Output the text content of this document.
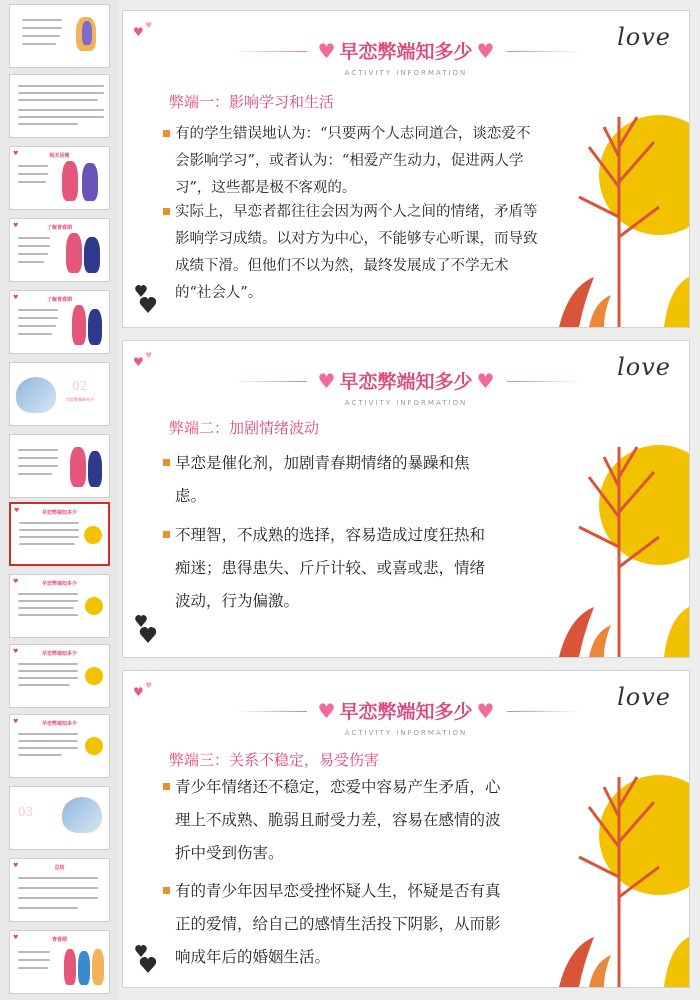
♥	相关话题
♥	了解青春期
♥	了解青春期
02
早恋弊端知多少
♥	早恋弊端知多少
♥	早恋弊端知多少
♥	早恋弊端知多少
♥	早恋弊端知多少
03
♥	总结
♥	青春期
♥ ♥	love
♥ 早恋弊端知多少 ♥
ACTIVITY INFORMATION
弊端一：影响学习和生活
有的学生错误地认为：“只要两个人志同道合，谈恋爱不会影响学习”，或者认为：“相爱产生动力，促进两人学习”，这些都是极不客观的。
实际上，早恋者都往往会因为两个人之间的情绪，矛盾等影响学习成绩。以对方为中心，不能够专心听课，而导致成绩下滑。但他们不以为然，最终发展成了不学无术的“社会人”。
♥ ♥	love
♥ 早恋弊端知多少 ♥
ACTIVITY INFORMATION
弊端二：加剧情绪波动
早恋是催化剂，加剧青春期情绪的暴躁和焦虑。
不理智，不成熟的选择，容易造成过度狂热和痴迷；患得患失、斤斤计较、或喜或悲，情绪波动，行为偏激。
♥ ♥	love
♥ 早恋弊端知多少 ♥
ACTIVITY INFORMATION
弊端三：关系不稳定，易受伤害
青少年情绪还不稳定，恋爱中容易产生矛盾，心理上不成熟、脆弱且耐受力差，容易在感情的波折中受到伤害。
有的青少年因早恋受挫怀疑人生，怀疑是否有真正的爱情，给自己的感情生活投下阴影，从而影响成年后的婚姻生活。
